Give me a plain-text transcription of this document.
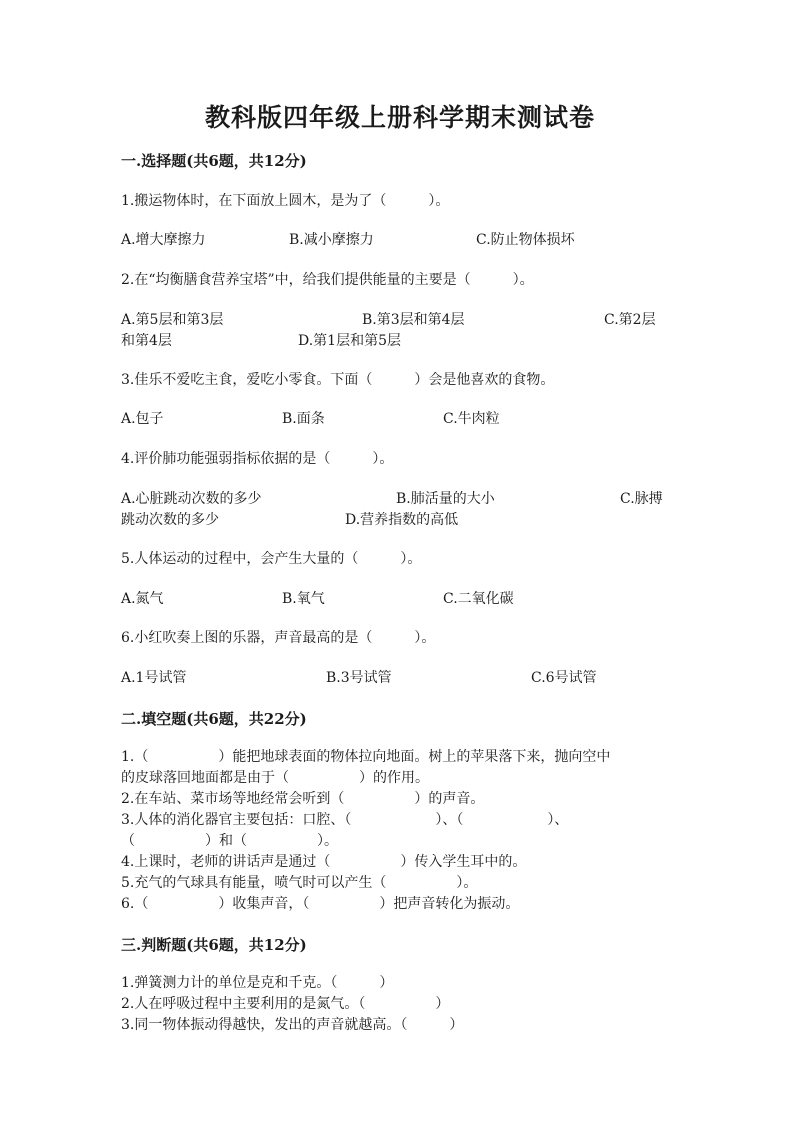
教科版四年级上册科学期末测试卷
一.选择题(共6题，共12分)
1.搬运物体时，在下面放上圆木，是为了（　　　）。
A.增大摩擦力	B.减小摩擦力	C.防止物体损坏
2.在“均衡膳食营养宝塔”中，给我们提供能量的主要是（　　　）。
A.第5层和第3层	B.第3层和第4层	C.第2层
和第4层	D.第1层和第5层
3.佳乐不爱吃主食，爱吃小零食。下面（　　　）会是他喜欢的食物。
A.包子	B.面条	C.牛肉粒
4.评价肺功能强弱指标依据的是（　　　）。
A.心脏跳动次数的多少	B.肺活量的大小	C.脉搏
跳动次数的多少	D.营养指数的高低
5.人体运动的过程中，会产生大量的（　　　）。
A.氮气	B.氧气	C.二氧化碳
6.小红吹奏上图的乐器，声音最高的是（　　　）。
A.1号试管	B.3号试管	C.6号试管
二.填空题(共6题，共22分)
1.（　　　　　）能把地球表面的物体拉向地面。树上的苹果落下来，抛向空中
的皮球落回地面都是由于（　　　　　）的作用。
2.在车站、菜市场等地经常会听到（　　　　　）的声音。
3.人体的消化器官主要包括：口腔、（　　　　　　）、（　　　　　　）、
（　　　　　）和（　　　　　）。
4.上课时，老师的讲话声是通过（　　　　　）传入学生耳中的。
5.充气的气球具有能量，喷气时可以产生（　　　　　）。
6.（　　　　　）收集声音，（　　　　　）把声音转化为振动。
三.判断题(共6题，共12分)
1.弹簧测力计的单位是克和千克。（　　　）
2.人在呼吸过程中主要利用的是氮气。（　　　　　）
3.同一物体振动得越快，发出的声音就越高。（　　　）
